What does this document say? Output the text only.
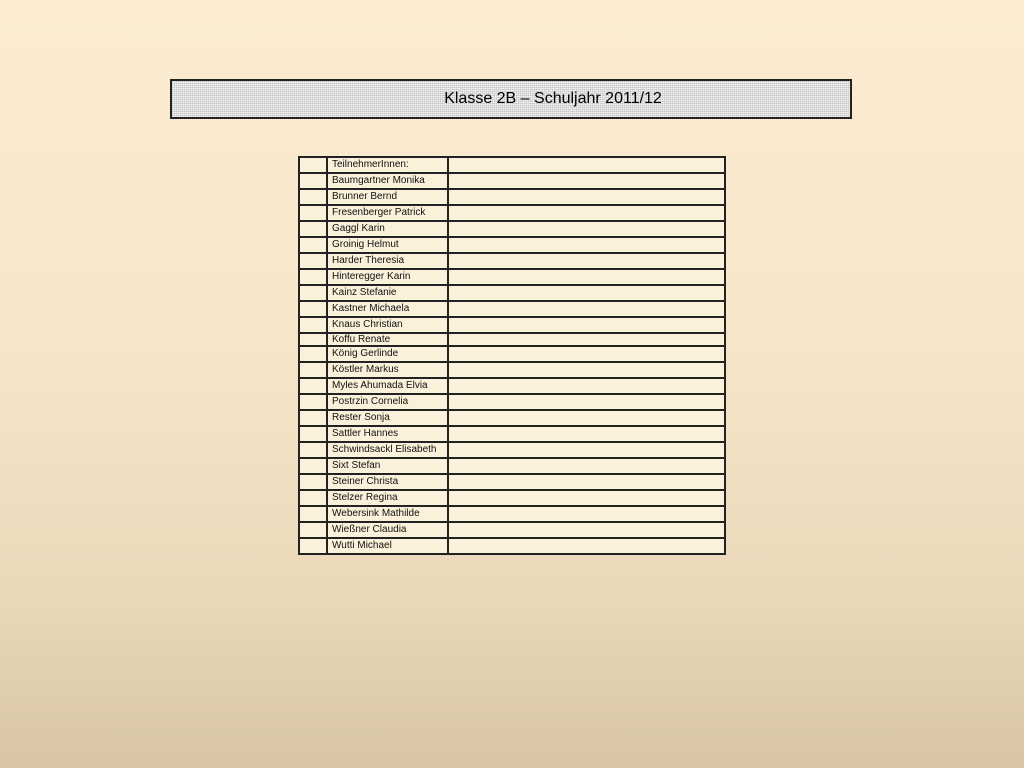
Klasse 2B – Schuljahr 2011/12
	TeilnehmerInnen:	
	Baumgartner Monika	
	Brunner Bernd	
	Fresenberger Patrick	
	Gaggl Karin	
	Groinig Helmut	
	Harder Theresia	
	Hinteregger Karin	
	Kainz Stefanie	
	Kastner Michaela	
	Knaus Christian	
	Koffu Renate	
	König Gerlinde	
	Köstler Markus	
	Myles Ahumada Elvia	
	Postrzin Cornelia	
	Rester Sonja	
	Sattler Hannes	
	Schwindsackl Elisabeth	
	Sixt Stefan	
	Steiner Christa	
	Stelzer Regina	
	Webersink Mathilde	
	Wießner Claudia	
	Wutti Michael	
